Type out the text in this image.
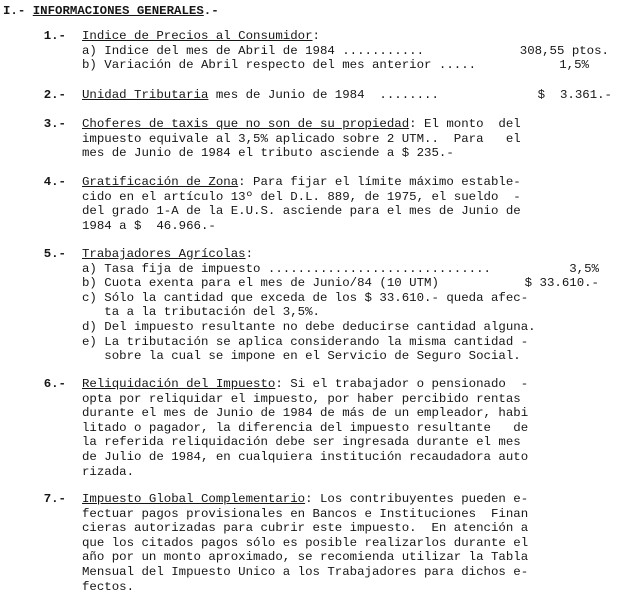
I.- INFORMACIONES GENERALES.-
1.- Indice de Precios al Consumidor:
a) Indice del mes de Abril de 1984 ...........	308,55 ptos.
b) Variación de Abril respecto del mes anterior .....	1,5%
2.- Unidad Tributaria mes de Junio de 1984  ........	$  3.361.-
3.- Choferes de taxis que no son de su propiedad: El monto  del
impuesto equivale al 3,5% aplicado sobre 2 UTM..  Para   el
mes de Junio de 1984 el tributo asciende a $ 235.-
4.- Gratificación de Zona: Para fijar el límite máximo estable-
cido en el artículo 13º del D.L. 889, de 1975, el sueldo  -
del grado 1-A de la E.U.S. asciende para el mes de Junio de
1984 a $  46.966.-
5.- Trabajadores Agrícolas:
a) Tasa fija de impuesto ..............................	3,5%
b) Cuota exenta para el mes de Junio/84 (10 UTM)	$ 33.610.-
c) Sólo la cantidad que exceda de los $ 33.610.- queda afec-
ta a la tributación del 3,5%.
d) Del impuesto resultante no debe deducirse cantidad alguna.
e) La tributación se aplica considerando la misma cantidad -
sobre la cual se impone en el Servicio de Seguro Social.
6.- Reliquidación del Impuesto: Si el trabajador o pensionado  -
opta por reliquidar el impuesto, por haber percibido rentas
durante el mes de Junio de 1984 de más de un empleador, habi
litado o pagador, la diferencia del impuesto resultante   de
la referida reliquidación debe ser ingresada durante el mes
de Julio de 1984, en cualquiera institución recaudadora auto
rizada.
7.- Impuesto Global Complementario: Los contribuyentes pueden e-
fectuar pagos provisionales en Bancos e Instituciones  Finan
cieras autorizadas para cubrir este impuesto.  En atención a
que los citados pagos sólo es posible realizarlos durante el
año por un monto aproximado, se recomienda utilizar la Tabla
Mensual del Impuesto Unico a los Trabajadores para dichos e-
fectos.
